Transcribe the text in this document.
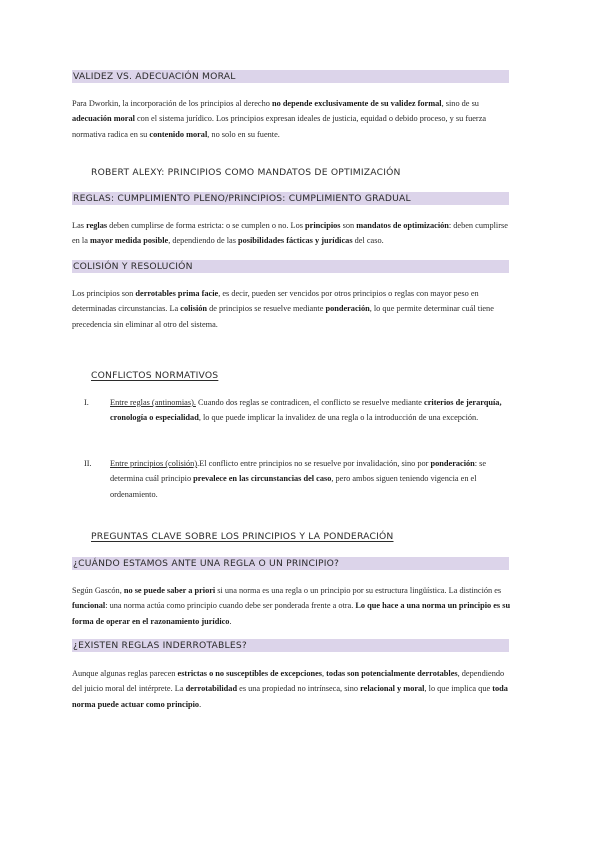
VALIDEZ VS. ADECUACIÓN MORAL

Para Dworkin, la incorporación de los principios al derecho no depende exclusivamente de su validez formal, sino de su adecuación moral con el sistema jurídico. Los principios expresan ideales de justicia, equidad o debido proceso, y su fuerza normativa radica en su contenido moral, no solo en su fuente.

ROBERT ALEXY: PRINCIPIOS COMO MANDATOS DE OPTIMIZACIÓN
REGLAS: CUMPLIMIENTO PLENO/PRINCIPIOS: CUMPLIMIENTO GRADUAL

Las reglas deben cumplirse de forma estricta: o se cumplen o no. Los principios son mandatos de optimización: deben cumplirse en la mayor medida posible, dependiendo de las posibilidades fácticas y jurídicas del caso.

COLISIÓN Y RESOLUCIÓN

Los principios son derrotables prima facie, es decir, pueden ser vencidos por otros principios o reglas con mayor peso en determinadas circunstancias. La colisión de principios se resuelve mediante ponderación, lo que permite determinar cuál tiene precedencia sin eliminar al otro del sistema.

CONFLICTOS NORMATIVOS
I.	Entre reglas (antinomias). Cuando dos reglas se contradicen, el conflicto se resuelve mediante criterios de jerarquía, cronología o especialidad, lo que puede implicar la invalidez de una regla o la introducción de una excepción.

II. Entre principios (colisión).El conflicto entre principios no se resuelve por invalidación, sino por ponderación: se determina cuál principio prevalece en las circunstancias del caso, pero ambos siguen teniendo vigencia en el ordenamiento.

PREGUNTAS CLAVE SOBRE LOS PRINCIPIOS Y LA PONDERACIÓN
¿CUÁNDO ESTAMOS ANTE UNA REGLA O UN PRINCIPIO?

Según Gascón, no se puede saber a priori si una norma es una regla o un principio por su estructura lingüística. La distinción es funcional: una norma actúa como principio cuando debe ser ponderada frente a otra. Lo que hace a una norma un principio es su forma de operar en el razonamiento jurídico.

¿EXISTEN REGLAS INDERROTABLES?

Aunque algunas reglas parecen estrictas o no susceptibles de excepciones, todas son potencialmente derrotables, dependiendo del juicio moral del intérprete. La derrotabilidad es una propiedad no intrínseca, sino relacional y moral, lo que implica que toda norma puede actuar como principio.
